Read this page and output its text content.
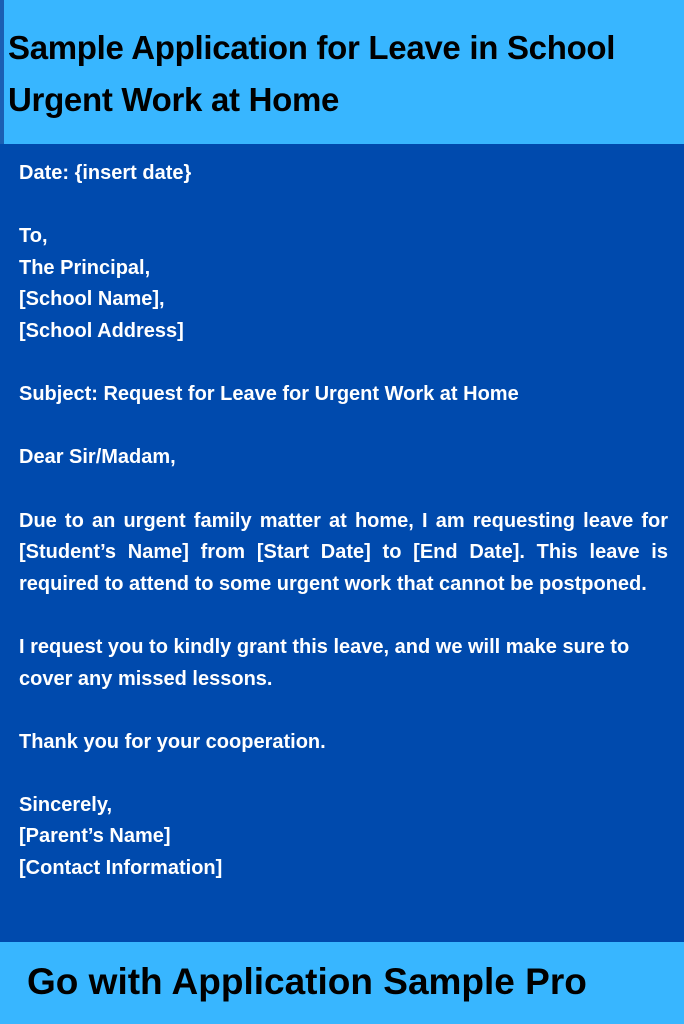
Sample Application for Leave in School
Urgent Work at Home

Date: {insert date}

To,

The Principal,

[School Name],

[School Address]

Subject: Request for Leave for Urgent Work at Home

Dear Sir/Madam,

Due to an urgent family matter at home, I am requesting leave for [Student’s Name] from [Start Date] to [End Date]. This leave is required to attend to some urgent work that cannot be postponed.

I request you to kindly grant this leave, and we will make sure to cover any missed lessons.

Thank you for your cooperation.

Sincerely,

[Parent’s Name]

[Contact Information]

Go with Application Sample Pro
